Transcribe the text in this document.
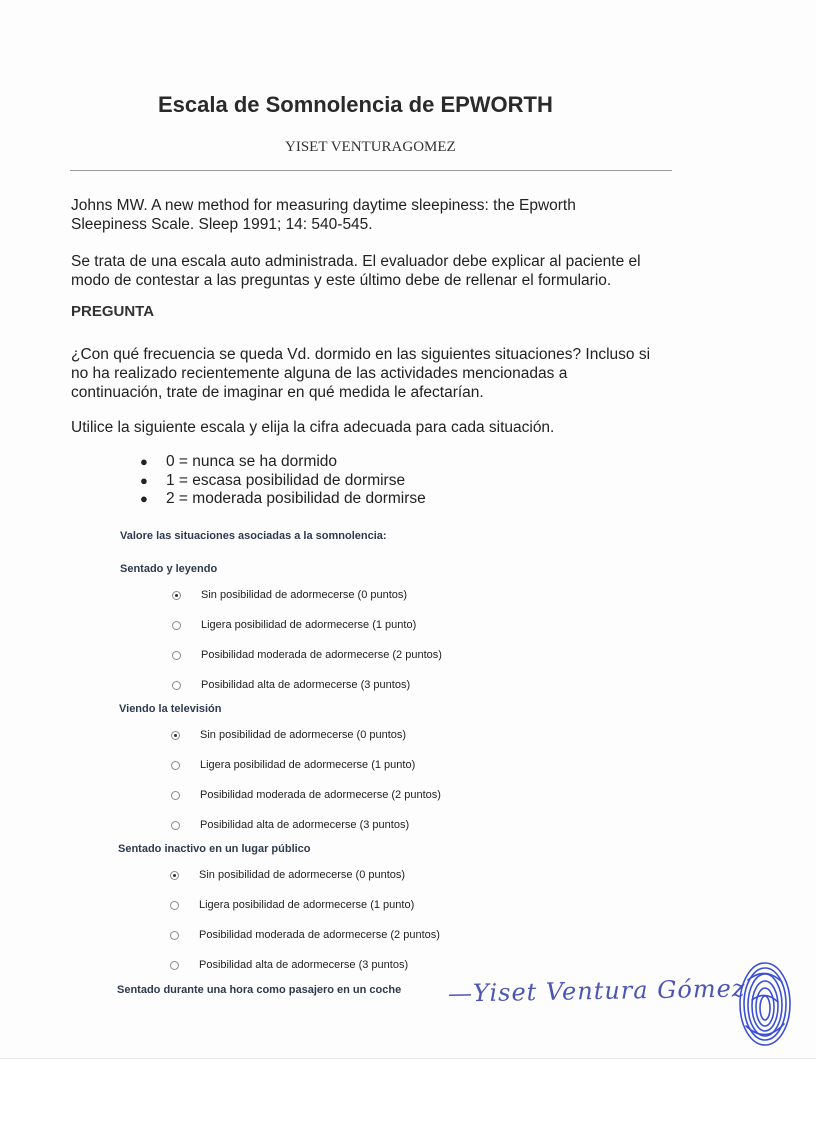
Escala de Somnolencia de EPWORTH
YISET VENTURAGOMEZ

Johns MW. A new method for measuring daytime sleepiness: the Epworth
Sleepiness Scale. Sleep 1991; 14: 540-545.

Se trata de una escala auto administrada. El evaluador debe explicar al paciente el
modo de contestar a las preguntas y este último debe de rellenar el formulario.

PREGUNTA

¿Con qué frecuencia se queda Vd. dormido en las siguientes situaciones? Incluso si
no ha realizado recientemente alguna de las actividades mencionadas a
continuación, trate de imaginar en qué medida le afectarían.

Utilice la siguiente escala y elija la cifra adecuada para cada situación.

● 0 = nunca se ha dormido
● 1 = escasa posibilidad de dormirse
● 2 = moderada posibilidad de dormirse
Valore las situaciones asociadas a la somnolencia:
Sentado y leyendo
Sin posibilidad de adormecerse (0 puntos)
Ligera posibilidad de adormecerse (1 punto)
Posibilidad moderada de adormecerse (2 puntos)
Posibilidad alta de adormecerse (3 puntos)
Viendo la televisión
Sin posibilidad de adormecerse (0 puntos)
Ligera posibilidad de adormecerse (1 punto)
Posibilidad moderada de adormecerse (2 puntos)
Posibilidad alta de adormecerse (3 puntos)
Sentado inactivo en un lugar público
Sin posibilidad de adormecerse (0 puntos)
Ligera posibilidad de adormecerse (1 punto)
Posibilidad moderada de adormecerse (2 puntos)
Posibilidad alta de adormecerse (3 puntos)
Sentado durante una hora como pasajero en un coche —Yiset Ventura Gómez
